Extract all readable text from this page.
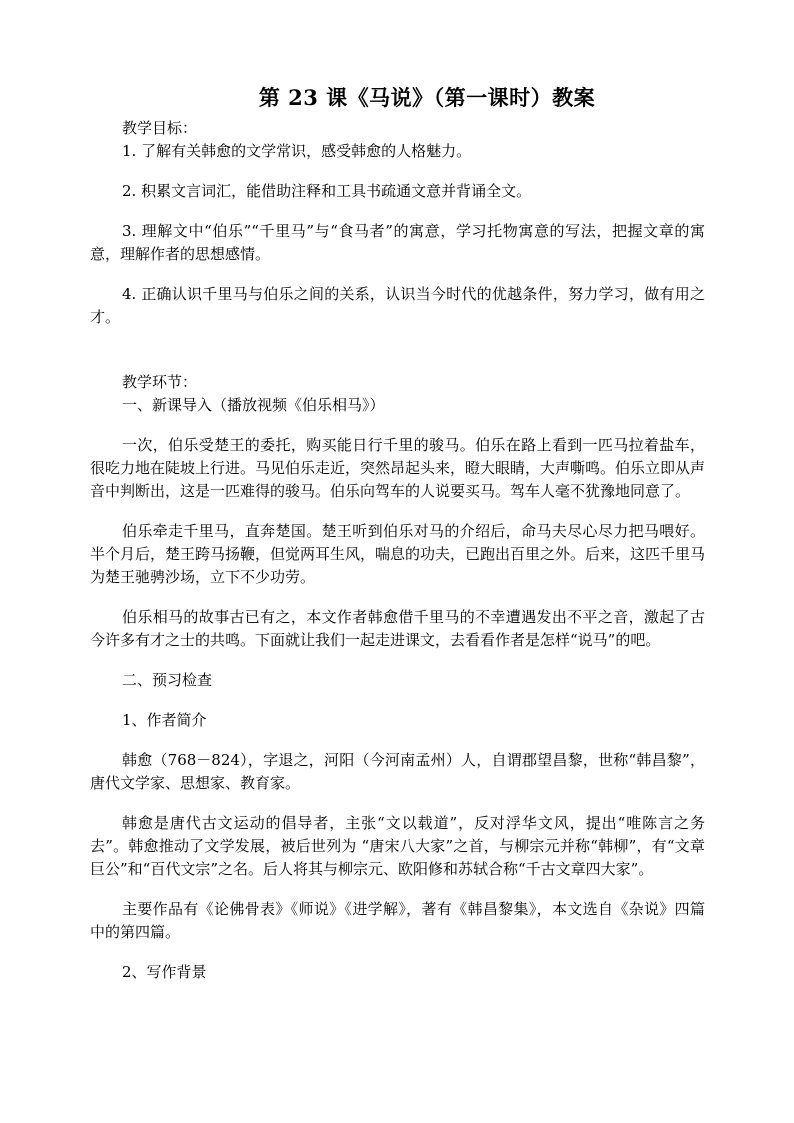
第 23 课《马说》（第一课时）教案

教学目标：

1. 了解有关韩愈的文学常识，感受韩愈的人格魅力。

2. 积累文言词汇，能借助注释和工具书疏通文意并背诵全文。

3. 理解文中“伯乐”“千里马”与“食马者”的寓意，学习托物寓意的写法，把握文章的寓意，理解作者的思想感情。

4. 正确认识千里马与伯乐之间的关系，认识当今时代的优越条件，努力学习，做有用之才。

教学环节：

一、新课导入（播放视频《伯乐相马》）

一次，伯乐受楚王的委托，购买能日行千里的骏马。伯乐在路上看到一匹马拉着盐车，很吃力地在陡坡上行进。马见伯乐走近，突然昂起头来，瞪大眼睛，大声嘶鸣。伯乐立即从声音中判断出，这是一匹难得的骏马。伯乐向驾车的人说要买马。驾车人毫不犹豫地同意了。

伯乐牵走千里马，直奔楚国。楚王听到伯乐对马的介绍后，命马夫尽心尽力把马喂好。半个月后，楚王跨马扬鞭，但觉两耳生风，喘息的功夫，已跑出百里之外。后来，这匹千里马为楚王驰骋沙场，立下不少功劳。

伯乐相马的故事古已有之，本文作者韩愈借千里马的不幸遭遇发出不平之音，激起了古今许多有才之士的共鸣。下面就让我们一起走进课文，去看看作者是怎样“说马”的吧。

二、预习检查

1、作者简介

韩愈（768－824），字退之，河阳（今河南孟州）人，自谓郡望昌黎，世称“韩昌黎”，唐代文学家、思想家、教育家。

韩愈是唐代古文运动的倡导者，主张“文以载道”，反对浮华文风，提出“唯陈言之务去”。韩愈推动了文学发展，被后世列为 “唐宋八大家”之首，与柳宗元并称“韩柳”，有“文章巨公”和“百代文宗”之名。后人将其与柳宗元、欧阳修和苏轼合称“千古文章四大家”。

主要作品有《论佛骨表》《师说》《进学解》，著有《韩昌黎集》，本文选自《杂说》四篇中的第四篇。

2、写作背景
